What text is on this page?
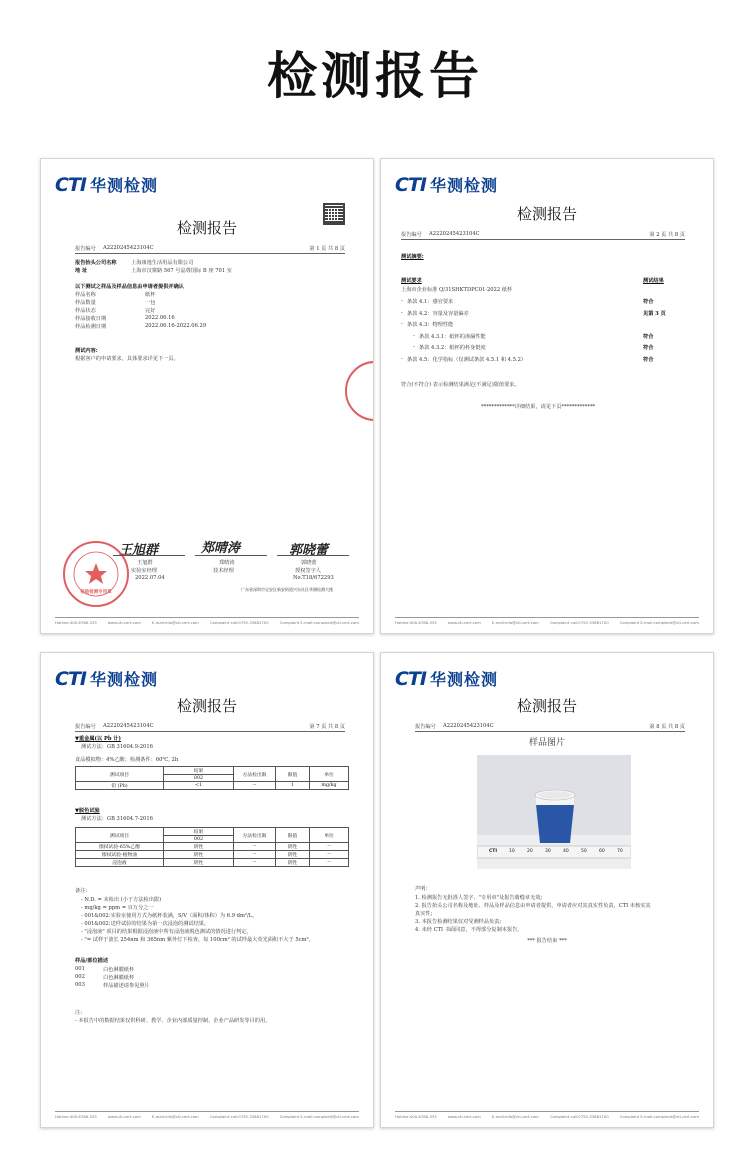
检测报告
CTI 华测检测
检测报告
报告编号 A2220245423104C	第 1 页 共 8 页
报告抬头公司名称	上海康逸生活用品有限公司
地 址	上海市汉寨路 567 号晶尊国际 B 座 701 室
以下测试之样品及样品信息由申请者提供并确认
样品名称	纸杯
样品数量	一包
样品状态	完好
样品接收日期	2022.06.16
样品检测日期	2022.06.16-2022.06.29
测试内容:
根据客户的申请要求，具体要求详见下一页。
王旭群	郑晴涛	郭晓蕾
王旭群
实验室经理
2022.07.04
郑晴涛
技术经理
郭晓蕾
授权签字人
No.T18/672293
广东省深圳市宝安区新安街道兴东社区华测检测大楼
检验检测专用章
Hotline:400-6788-333	www.cti-cert.com	E-mail:info@cti-cert.com	Complaint call:0755-33681700	Complaint E-mail:complaint@cti-cert.com
CTI 华测检测
检测报告
报告编号 A2220245423104C	第 2 页 共 8 页
测试摘要:
测试要求	测试结果
上海市企业标准 Q/31SHKTDPC01-2022 纸杯
- 条款 4.1：感官要求	符合
- 条款 4.2：容量及容量偏差	见第 3 页
- 条款 4.3：物理性能
- 条款 4.3.1：纸杯的渗漏性能	符合
- 条款 4.3.2：纸杯的杯身挺度	符合
- 条款 4.5：化学指标（仅测试条款 4.5.1 和 4.5.2）	符合
符合(不符合) 表示检测结果满足(不满足)限值要求。
*************详细结果，请见下页*************
Hotline:400-6788-333	www.cti-cert.com	E-mail:info@cti-cert.com	Complaint call:0755-33681700	Complaint E-mail:complaint@cti-cert.com
CTI 华测检测
检测报告
报告编号 A2220245423104C	第 7 页 共 8 页
▼重金属(以 Pb 计)
测试方法：GB 31604.9-2016
食品模拟物：4%乙酸；检测条件：60℃, 2h
测试项目	结果	方法检出限	限值	单位
	002			
铅 (Pb)	<1	--	1	mg/kg
▼脱色试验
测试方法：GB 31604.7-2016
测试项目	结果	方法检出限	限值	单位
	002			
擦拭试验-65%乙醇	阴性	--	阴性	--
擦拭试验-植物油	阴性	--	阴性	--
浸泡液	阴性	--	阴性	--
备注:
- N.D. = 未检出 (小于方法检出限)
- mg/kg = ppm = 百万分之一
- 001&002:实验室使用方式为纸杯装满，S/V（面积/体积）为 6.9 dm²/L。
- 001&002:送样试验的结果为第一次浸泡的测试结果。
- "浸泡液" 项目的结果根据浸泡液中所有浸泡液脱色测试的情况进行判定。
- "= 试样于波长 254nm 和 365nm 紫外灯下检查，每 100cm² 的试样最大荧光面积不大于 5cm²。
样品/部位描述
001	白色淋膜纸杯
002	白色淋膜纸杯
003	样品描述请参见照片
注:
- 本报告中的数据结果仅供科研、教学、企业内部质量控制、企业产品研发等目的用。
Hotline:400-6788-333	www.cti-cert.com	E-mail:info@cti-cert.com	Complaint call:0755-33681700	Complaint E-mail:complaint@cti-cert.com
CTI 华测检测
检测报告
报告编号 A2220245423104C	第 8 页 共 8 页
样品图片
CTI	10	20	30	40	50	60	70
声明:
1. 检测报告无批准人签字、"专用章"及报告骑缝章无效;
2. 报告抬头公司名称及地址、样品及样品信息由申请者提供，申请者应对其真实性负责，CTI 未核实其
真实性;
3. 本报告检测结果仅对受测样品负责;
4. 未经 CTI 书面同意，不得部分复制本报告。
*** 报告结束 ***
Hotline:400-6788-333	www.cti-cert.com	E-mail:info@cti-cert.com	Complaint call:0755-33681700	Complaint E-mail:complaint@cti-cert.com
